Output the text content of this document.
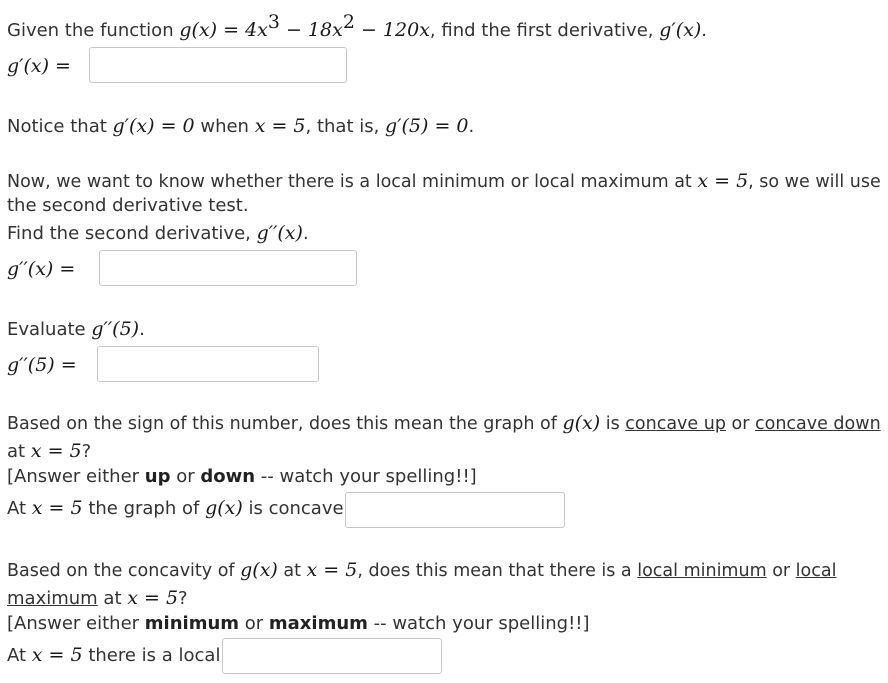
Given the function $g(x) = 4x^3 - 18x^2 - 120x$, find the first derivative, g′(x).
g′(x) =
Notice that g′(x) = 0 when x = 5, that is, g′(5) = 0.
Now, we want to know whether there is a local minimum or local maximum at x = 5, so we will use
the second derivative test.
Find the second derivative, g′′(x).
g′′(x) =
Evaluate g′′(5).
g′′(5) =
Based on the sign of this number, does this mean the graph of g(x) is concave up or concave down
at x = 5?
[Answer either up or down -- watch your spelling!!]
At x = 5 the graph of g(x) is concave
Based on the concavity of g(x) at x = 5, does this mean that there is a local minimum or local
maximum at x = 5?
[Answer either minimum or maximum -- watch your spelling!!]
At x = 5 there is a local
